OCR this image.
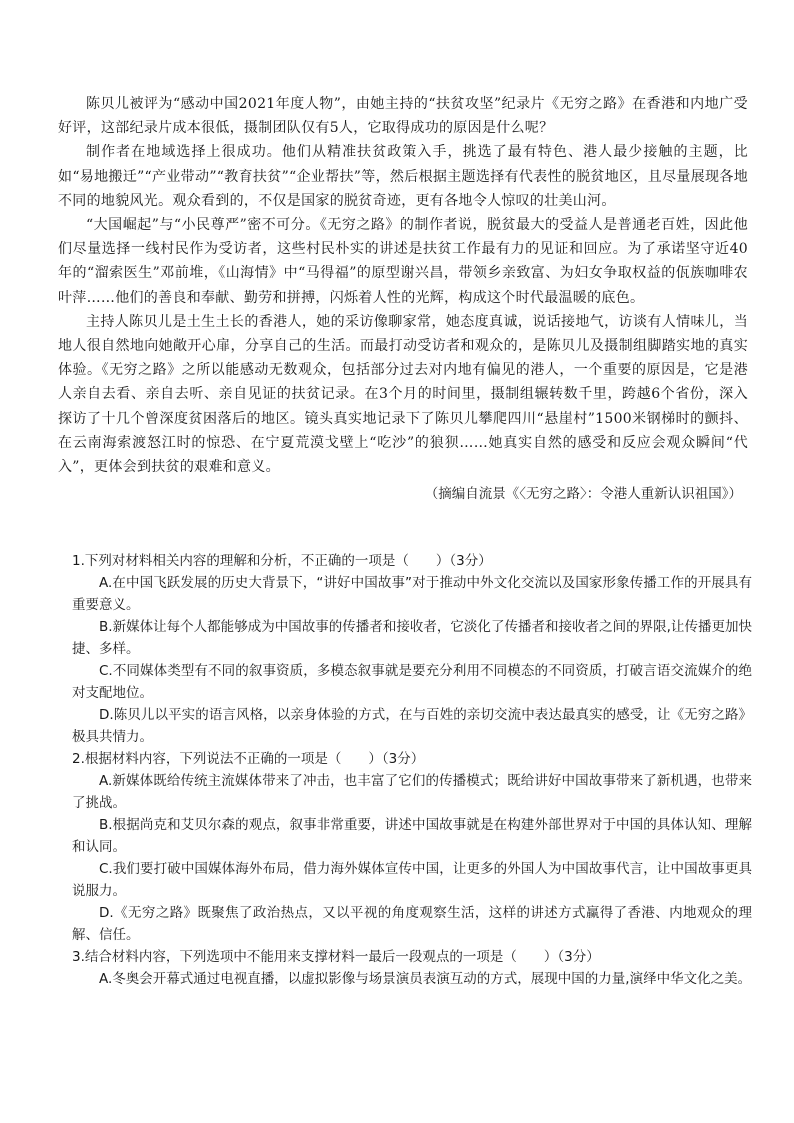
陈贝儿被评为“感动中国2021年度人物”，由她主持的“扶贫攻坚”纪录片《无穷之路》在香港和内地广受好评，这部纪录片成本很低，摄制团队仅有5人，它取得成功的原因是什么呢？

制作者在地域选择上很成功。他们从精准扶贫政策入手，挑选了最有特色、港人最少接触的主题，比如“易地搬迁”“产业带动”“教育扶贫”“企业帮扶”等，然后根据主题选择有代表性的脱贫地区，且尽量展现各地不同的地貌风光。观众看到的，不仅是国家的脱贫奇迹，更有各地令人惊叹的壮美山河。

“大国崛起”与“小民尊严”密不可分。《无穷之路》的制作者说，脱贫最大的受益人是普通老百姓，因此他们尽量选择一线村民作为受访者，这些村民朴实的讲述是扶贫工作最有力的见证和回应。为了承诺坚守近40年的“溜索医生”邓前堆，《山海情》中“马得福”的原型谢兴昌，带领乡亲致富、为妇女争取权益的佤族咖啡农叶萍……他们的善良和奉献、勤劳和拼搏，闪烁着人性的光辉，构成这个时代最温暖的底色。

主持人陈贝儿是土生土长的香港人，她的采访像聊家常，她态度真诚，说话接地气，访谈有人情味儿，当地人很自然地向她敞开心扉，分享自己的生活。而最打动受访者和观众的，是陈贝儿及摄制组脚踏实地的真实体验。《无穷之路》之所以能感动无数观众，包括部分过去对内地有偏见的港人，一个重要的原因是，它是港人亲自去看、亲自去听、亲自见证的扶贫记录。在3个月的时间里，摄制组辗转数千里，跨越6个省份，深入探访了十几个曾深度贫困落后的地区。镜头真实地记录下了陈贝儿攀爬四川“悬崖村”1500米钢梯时的颤抖、在云南海索渡怒江时的惊恐、在宁夏荒漠戈壁上“吃沙”的狼狈……她真实自然的感受和反应会观众瞬间“代入”，更体会到扶贫的艰难和意义。

（摘编自流景《〈无穷之路〉：令港人重新认识祖国》）

1.下列对材料相关内容的理解和分析，不正确的一项是（　　）（3分）

A.在中国飞跃发展的历史大背景下，“讲好中国故事”对于推动中外文化交流以及国家形象传播工作的开展具有重要意义。

B.新媒体让每个人都能够成为中国故事的传播者和接收者，它淡化了传播者和接收者之间的界限,让传播更加快捷、多样。

C.不同媒体类型有不同的叙事资质，多模态叙事就是要充分利用不同模态的不同资质，打破言语交流媒介的绝对支配地位。

D.陈贝儿以平实的语言风格，以亲身体验的方式，在与百姓的亲切交流中表达最真实的感受，让《无穷之路》极具共情力。

2.根据材料内容，下列说法不正确的一项是（　　）（3分）

A.新媒体既给传统主流媒体带来了冲击，也丰富了它们的传播模式；既给讲好中国故事带来了新机遇，也带来了挑战。

B.根据尚克和艾贝尔森的观点，叙事非常重要，讲述中国故事就是在构建外部世界对于中国的具体认知、理解和认同。

C.我们要打破中国媒体海外布局，借力海外媒体宣传中国，让更多的外国人为中国故事代言，让中国故事更具说服力。

D.《无穷之路》既聚焦了政治热点，又以平视的角度观察生活，这样的讲述方式赢得了香港、内地观众的理解、信任。

3.结合材料内容，下列选项中不能用来支撑材料一最后一段观点的一项是（　　）（3分）

A.冬奥会开幕式通过电视直播，以虚拟影像与场景演员表演互动的方式，展现中国的力量,演绎中华文化之美。
